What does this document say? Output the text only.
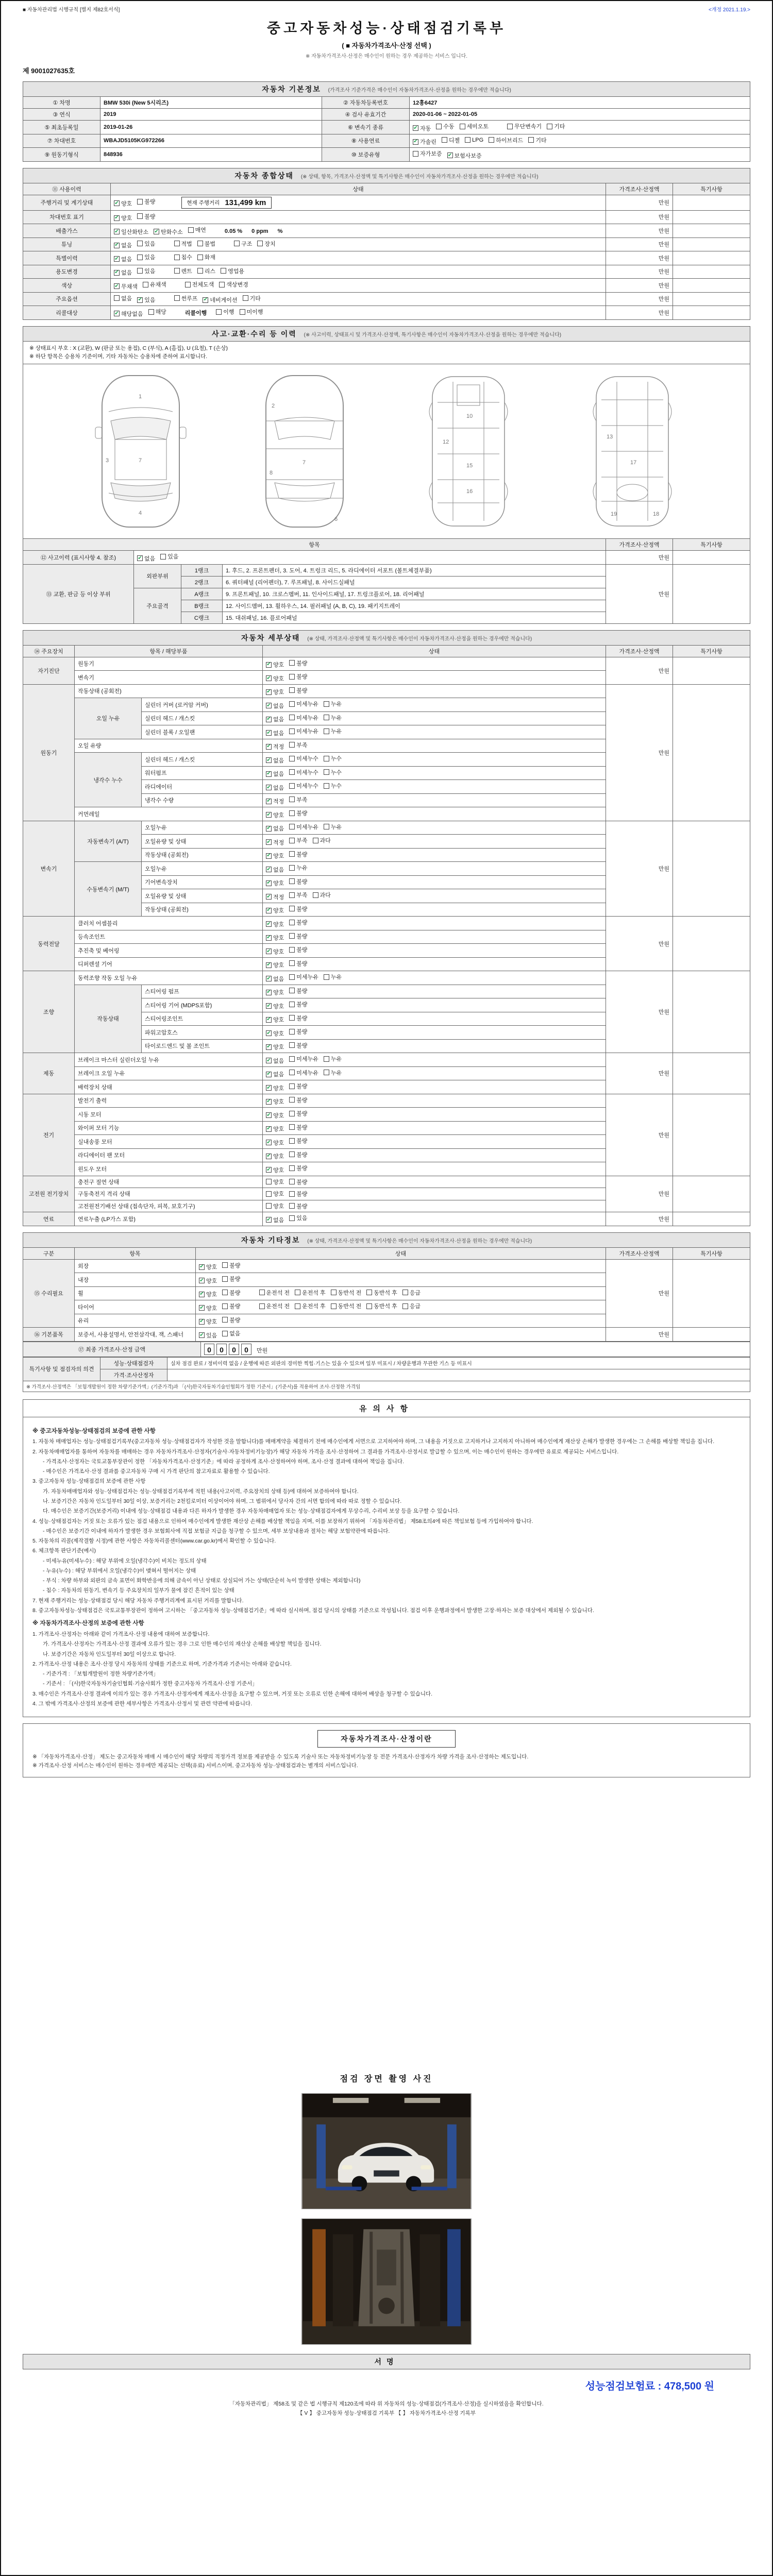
■ 자동차관리법 시행규칙 [별지 제82호서식]	<개정 2021.1.19.>
중고자동차성능·상태점검기록부
( ■ 자동차가격조사·산정 선택 )
※ 자동차가격조사·산정은 매수인이 원하는 경우 제공하는 서비스 입니다.
제 9001027635호
자동차 기본정보 (가격조사 기준가격은 매수인이 자동차가격조사·산정을 원하는 경우에만 적습니다)
① 차명	BMW 530i (New 5시리즈)	② 자동차등록번호	12흥6427
③ 연식	2019	④ 검사 유효기간	2020-01-06 ~ 2022-01-05
⑤ 최초등록일	2019-01-26	⑥ 변속기 종류	✔ 자동 수동 세미오토	무단변속기 기타

⑦ 차대번호	WBAJD5105KG972266	⑧ 사용연료	✔ 가솔린 디젤 LPG 하이브리드 기타

⑨ 원동기형식	848936	⑩ 보증유형	자가보증 ✔ 보험사보증
자동차 종합상태 (※ 상태, 항목, 가격조사·산정액 및 특기사항은 매수인이 자동차가격조사·산정을 원하는 경우에만 적습니다)
⑪ 사용이력	상태	가격조사·산정액	특기사항
주행거리 및 계기상태	✔ 양호 불량 현재 주행거리 131,499 km	만원	
차대번호 표기	✔ 양호 불량	만원	
배출가스	✔ 일산화탄소 ✔ 탄화수소 매연	0.05 % 0 ppm %	만원	
튜닝	✔ 없음 있음	적법 불법	구조 장치	만원	
특별이력	✔ 없음 있음 침수 화재	만원	
용도변경	✔ 없음 있음	렌트 리스 영업용	만원	
색상	✔ 무채색 유채색 전체도색 색상변경	만원	
주요옵션	없음 ✔ 있음	썬루프 ✔ 네비게이션 기타	만원	
리콜대상	✔ 해당없음 해당	리콜이행	이행 미이행	만원	
사고·교환·수리 등 이력 (※ 사고이력, 상태표시 및 가격조사·산정액, 특기사항은 매수인이 자동차가격조사·산정을 원하는 경우에만 적습니다)
※ 상태표시 부호 : X (교환), W (판금 또는 용접), C (부식), A (흠집), U (요철), T (손상)
※ 하단 항목은 승용차 기준이며, 기타 자동차는 승용차에 준하여 표시합니다.
1
7
4
3
2
6
7
8
10
12
15
16
13
17
18
19
항목				가격조사·산정액	특기사항
⑫ 사고이력 (표시사항 4. 참조)	✔ 없음 있음			만원	
⑬ 교환, 판금 등 이상 부위	외판부위	1랭크	1. 후드, 2. 프론트펜더, 3. 도어, 4. 트렁크 리드, 5. 라디에이터 서포트 (볼트체결부품)	만원	
		2랭크	6. 쿼터패널 (리어펜더), 7. 루프패널, 8. 사이드실패널		
	주요골격	A랭크	9. 프론트패널, 10. 크로스멤버, 11. 인사이드패널, 17. 트렁크플로어, 18. 리어패널		
		B랭크	12. 사이드멤버, 13. 휠하우스, 14. 필러패널 (A, B, C), 19. 패키지트레이		
		C랭크	15. 대쉬패널, 16. 플로어패널		
자동차 세부상태 (※ 상태, 가격조사·산정액 및 특기사항은 매수인이 자동차가격조사·산정을 원하는 경우에만 적습니다)
⑭ 주요장치	항목 / 해당부품		상태	가격조사·산정액	특기사항
자기진단	원동기		✔ 양호 불량	만원	
	변속기		✔ 양호 불량		

원동기	작동상태 (공회전)		✔ 양호 불량	만원	
	오일 누유	실린더 커버 (로커암 커버)	✔ 없음 미세누유 누유		

		실린더 헤드 / 개스킷	✔ 없음 미세누유 누유		

		실린더 블록 / 오일팬	✔ 없음 미세누유 누유		

	오일 유량		✔ 적정 부족		

	냉각수 누수	실린더 헤드 / 개스킷	✔ 없음 미세누수 누수		

		워터펌프	✔ 없음 미세누수 누수		

		라디에이터	✔ 없음 미세누수 누수		

		냉각수 수량	✔ 적정 부족		

	커먼레일		✔ 양호 불량		

변속기	자동변속기 (A/T)	오일누유	✔ 없음 미세누유 누유	만원	
		오일유량 및 상태	✔ 적정 부족 과다		

		작동상태 (공회전)	✔ 양호 불량		

	수동변속기 (M/T)	오일누유	✔ 없음 누유		

		기어변속장치	✔ 양호 불량		

		오일유량 및 상태	✔ 적정 부족 과다		

		작동상태 (공회전)	✔ 양호 불량		

동력전달	클러치 어셈블리		✔ 양호 불량	만원	
	등속조인트		✔ 양호 불량		

	추진축 및 베어링		✔ 양호 불량		

	디퍼렌셜 기어		✔ 양호 불량		

조향	동력조향 작동 오일 누유		✔ 없음 미세누유 누유	만원	
	작동상태	스티어링 펌프	✔ 양호 불량		

		스티어링 기어 (MDPS포함)	✔ 양호 불량		

		스티어링조인트	✔ 양호 불량		

		파워고압호스	✔ 양호 불량		

		타이로드엔드 및 볼 조인트	✔ 양호 불량		

제동	브레이크 마스터 실린더오일 누유		✔ 없음 미세누유 누유	만원	
	브레이크 오일 누유		✔ 없음 미세누유 누유		

	배력장치 상태		✔ 양호 불량		

전기	발전기 출력		✔ 양호 불량	만원	
	시동 모터		✔ 양호 불량		

	와이퍼 모터 기능		✔ 양호 불량		

	실내송풍 모터		✔ 양호 불량		

	라디에이터 팬 모터		✔ 양호 불량		

	윈도우 모터		✔ 양호 불량		

고전원 전기장치	충전구 절연 상태		양호 불량	만원	
	구동축전지 격리 상태		양호 불량		

	고전원전기배선 상태 (접속단자, 피복, 보호기구)		양호 불량		

연료	연료누출 (LP가스 포함)		✔ 없음 있음	만원	
자동차 기타정보 (※ 상태, 가격조사·산정액 및 특기사항은 매수인이 자동차가격조사·산정을 원하는 경우에만 적습니다)
구분	항목	상태	가격조사·산정액	특기사항
⑮ 수리필요	외장	✔ 양호 불량	만원	
	내장	✔ 양호 불량		

휠	✔ 양호 불량	운전석 전 운전석 후 동반석 전 동반석 후 응급

타이어	✔ 양호 불량	운전석 전 운전석 후 동반석 전 동반석 후 응급

	유리	✔ 양호 불량		

⑯ 기본품목	보증서, 사용설명서, 안전삼각대, 잭, 스패너	✔ 있음 없음	만원	
⑰ 최종 가격조사·산정 금액	0 0 0 0 만원
특기사항 및 점검자의 의견	성능·상태점검자	실차 점검 완료 / 정비이력 없음 / 운행에 따른 외판의 경미한 찍힘·기스는 있을 수 있으며 일부 미표시 / 차량운행과 무관한 기스 등 미표시
	가격·조사산정자	
※ 가격조사·산정액은 「보험개발원이 정한 차량기준가액」(기준가격)과 「(사)한국자동차기술인협회가 정한 기준서」(기준서)를 적용하여 조사·산정한 가격임		
유의사항
※ 중고자동차성능·상태점검의 보증에 관한 사항
1. 자동차 매매업자는 성능·상태점검기록부(중고자동차 성능·상태점검자가 작성한 것을 말합니다)를 매매계약을 체결하기 전에 매수인에게 서면으로 고지하여야 하며, 그 내용을 거짓으로 고지하거나 고지하지 아니하여 매수인에게 재산상 손해가 발생한 경우에는 그 손해를 배상할 책임을 집니다.
2. 자동차매매업자를 통하여 자동차를 매매하는 경우 자동차가격조사·산정자(기술사·자동차정비기능장)가 해당 자동차 가격을 조사·산정하여 그 결과를 가격조사·산정서로 발급할 수 있으며, 이는 매수인이 원하는 경우에만 유료로 제공되는 서비스입니다.
- 가격조사·산정자는 국토교통부장관이 정한 「자동차가격조사·산정기준」에 따라 공정하게 조사·산정하여야 하며, 조사·산정 결과에 대하여 책임을 집니다.
- 매수인은 가격조사·산정 결과를 중고자동차 구매 시 가격 판단의 참고자료로 활용할 수 있습니다.
3. 중고자동차 성능·상태점검의 보증에 관한 사항
가. 자동차매매업자와 성능·상태점검자는 성능·상태점검기록부에 적힌 내용(사고이력, 주요장치의 상태 등)에 대하여 보증하여야 합니다.
나. 보증기간은 자동차 인도일부터 30일 이상, 보증거리는 2천킬로미터 이상이어야 하며, 그 범위에서 당사자 간의 서면 합의에 따라 따로 정할 수 있습니다.
다. 매수인은 보증기간(보증거리) 이내에 성능·상태점검 내용과 다른 하자가 발생한 경우 자동차매매업자 또는 성능·상태점검자에게 무상수리, 수리비 보상 등을 요구할 수 있습니다.
4. 성능·상태점검자는 거짓 또는 오류가 있는 점검 내용으로 인하여 매수인에게 발생한 재산상 손해를 배상할 책임을 지며, 이를 보장하기 위하여 「자동차관리법」 제58조의4에 따른 책임보험 등에 가입하여야 합니다.
- 매수인은 보증기간 이내에 하자가 발생한 경우 보험회사에 직접 보험금 지급을 청구할 수 있으며, 세부 보상내용과 절차는 해당 보험약관에 따릅니다.
5. 자동차의 리콜(제작결함 시정)에 관한 사항은 자동차리콜센터(www.car.go.kr)에서 확인할 수 있습니다.
6. 체크항목 판단기준(예시)
- 미세누유(미세누수) : 해당 부위에 오일(냉각수)이 비치는 정도의 상태
- 누유(누수) : 해당 부위에서 오일(냉각수)이 맺혀서 떨어지는 상태
- 부식 : 차량 하부와 외판의 금속 표면이 화학반응에 의해 금속이 아닌 상태로 상실되어 가는 상태(단순히 녹이 발생한 상태는 제외합니다)
- 침수 : 자동차의 원동기, 변속기 등 주요장치의 일부가 물에 잠긴 흔적이 있는 상태
7. 현재 주행거리는 성능·상태점검 당시 해당 자동차 주행거리계에 표시된 거리를 말합니다.
8. 중고자동차성능·상태점검은 국토교통부장관이 정하여 고시하는 「중고자동차 성능·상태점검기준」에 따라 실시하며, 점검 당시의 상태를 기준으로 작성됩니다. 점검 이후 운행과정에서 발생한 고장·하자는 보증 대상에서 제외될 수 있습니다.
※ 자동차가격조사·산정의 보증에 관한 사항
1. 가격조사·산정자는 아래와 같이 가격조사·산정 내용에 대하여 보증합니다.
가. 가격조사·산정자는 가격조사·산정 결과에 오류가 있는 경우 그로 인한 매수인의 재산상 손해를 배상할 책임을 집니다.
나. 보증기간은 자동차 인도일부터 30일 이상으로 합니다.
2. 가격조사·산정 내용은 조사·산정 당시 자동차의 상태를 기준으로 하며, 기준가격과 기준서는 아래와 같습니다.
- 기준가격 : 「보험개발원이 정한 차량기준가액」
- 기준서 : 「(사)한국자동차기술인협회·기술사회가 정한 중고자동차 가격조사·산정 기준서」
3. 매수인은 가격조사·산정 결과에 이의가 있는 경우 가격조사·산정자에게 재조사·산정을 요구할 수 있으며, 거짓 또는 오류로 인한 손해에 대하여 배상을 청구할 수 있습니다.
4. 그 밖에 가격조사·산정의 보증에 관한 세부사항은 가격조사·산정서 및 관련 약관에 따릅니다.
자동차가격조사·산정이란
※ 「자동차가격조사·산정」 제도는 중고자동차 매매 시 매수인이 해당 차량의 적정가격 정보를 제공받을 수 있도록 기술사 또는 자동차정비기능장 등 전문 가격조사·산정자가 차량 가격을 조사·산정하는 제도입니다.
※ 가격조사·산정 서비스는 매수인이 원하는 경우에만 제공되는 선택(유료) 서비스이며, 중고자동차 성능·상태점검과는 별개의 서비스입니다.
점검 장면 촬영 사진
서명
성능점검보험료 : 478,500 원
「자동차관리법」 제58조 및 같은 법 시행규칙 제120조에 따라 위 자동차의 성능·상태점검(가격조사·산정)을 실시하였음을 확인합니다.
【 V 】 중고자동차 성능·상태점검 기록부 【 】 자동차가격조사·산정 기록부
